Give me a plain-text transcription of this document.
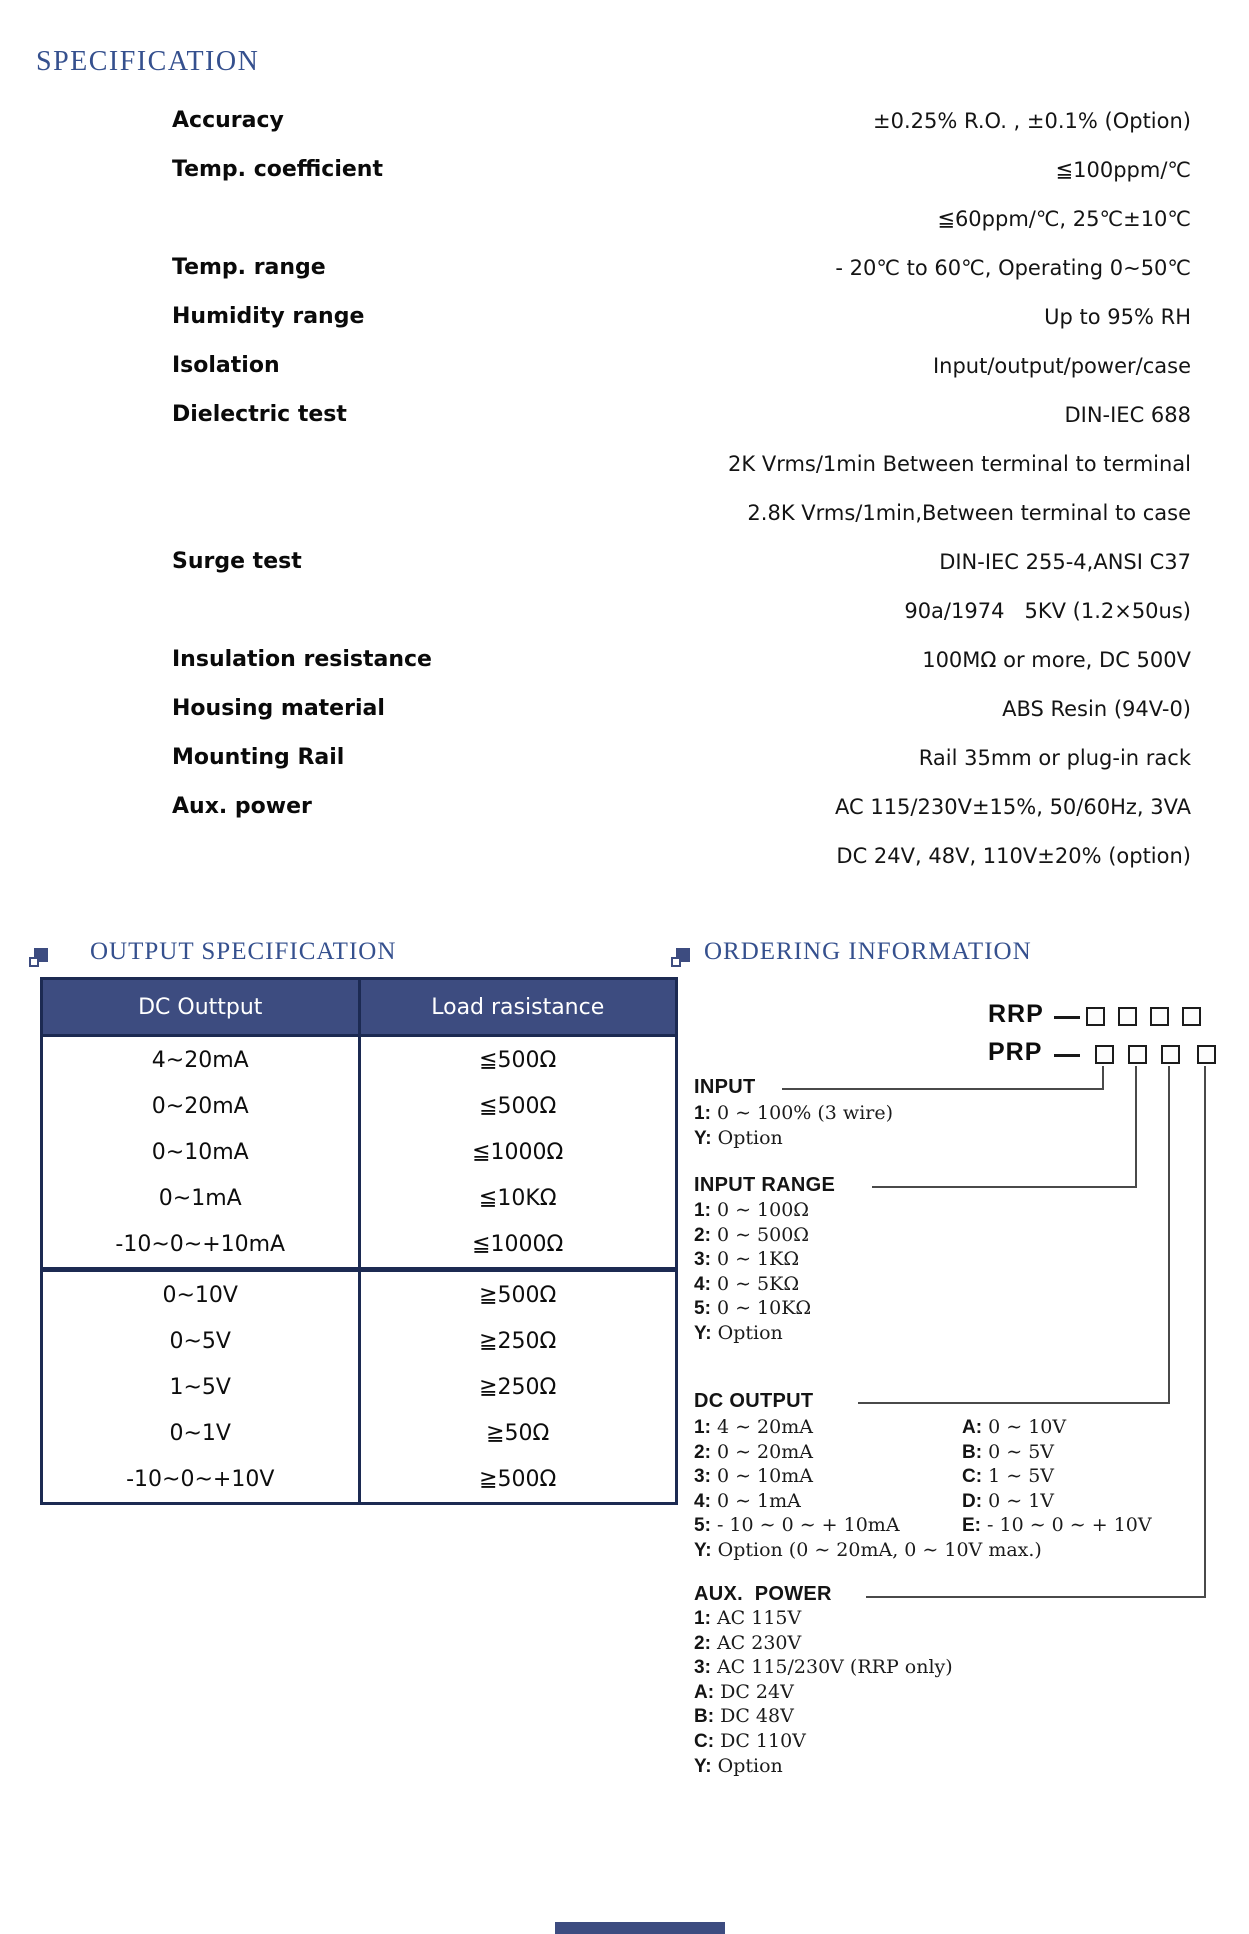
SPECIFICATION
Accuracy	±0.25% R.O. , ±0.1% (Option)
Temp. coefficient	≦100ppm/℃
≦60ppm/℃, 25℃±10℃
Temp. range	- 20℃ to 60℃, Operating 0∼50℃
Humidity range	Up to 95% RH
Isolation	Input/output/power/case
Dielectric test	DIN-IEC 688
2K Vrms/1min Between terminal to terminal
2.8K Vrms/1min,Between terminal to case
Surge test	DIN-IEC 255-4,ANSI C37
90a/1974   5KV (1.2×50us)
Insulation resistance	100MΩ or more, DC 500V
Housing material	ABS Resin (94V-0)
Mounting Rail	Rail 35mm or plug-in rack
Aux. power	AC 115/230V±15%, 50/60Hz, 3VA
DC 24V, 48V, 110V±20% (option)
OUTPUT SPECIFICATION
DC Outtput	Load rasistance
4~20mA	≦500Ω
0~20mA	≦500Ω
0~10mA	≦1000Ω
0~1mA	≦10KΩ
-10~0~+10mA	≦1000Ω
0~10V	≧500Ω
0~5V	≧250Ω
1~5V	≧250Ω
0~1V	≧50Ω
-10~0~+10V	≧500Ω
ORDERING INFORMATION
RRP
PRP
INPUT
1: 0 ∼ 100% (3 wire)
Y: Option
INPUT RANGE
1: 0 ∼ 100Ω
2: 0 ∼ 500Ω
3: 0 ∼ 1KΩ
4: 0 ∼ 5KΩ
5: 0 ∼ 10KΩ
Y: Option
DC OUTPUT
1: 4 ∼ 20mA	A: 0 ∼ 10V
2: 0 ∼ 20mA	B: 0 ∼ 5V
3: 0 ∼ 10mA	C: 1 ∼ 5V
4: 0 ∼ 1mA	D: 0 ∼ 1V
5: - 10 ∼ 0 ∼ + 10mA	E: - 10 ∼ 0 ∼ + 10V
Y: Option (0 ∼ 20mA, 0 ∼ 10V max.)
AUX.  POWER
1: AC 115V
2: AC 230V
3: AC 115/230V (RRP only)
A: DC 24V
B: DC 48V
C: DC 110V
Y: Option
